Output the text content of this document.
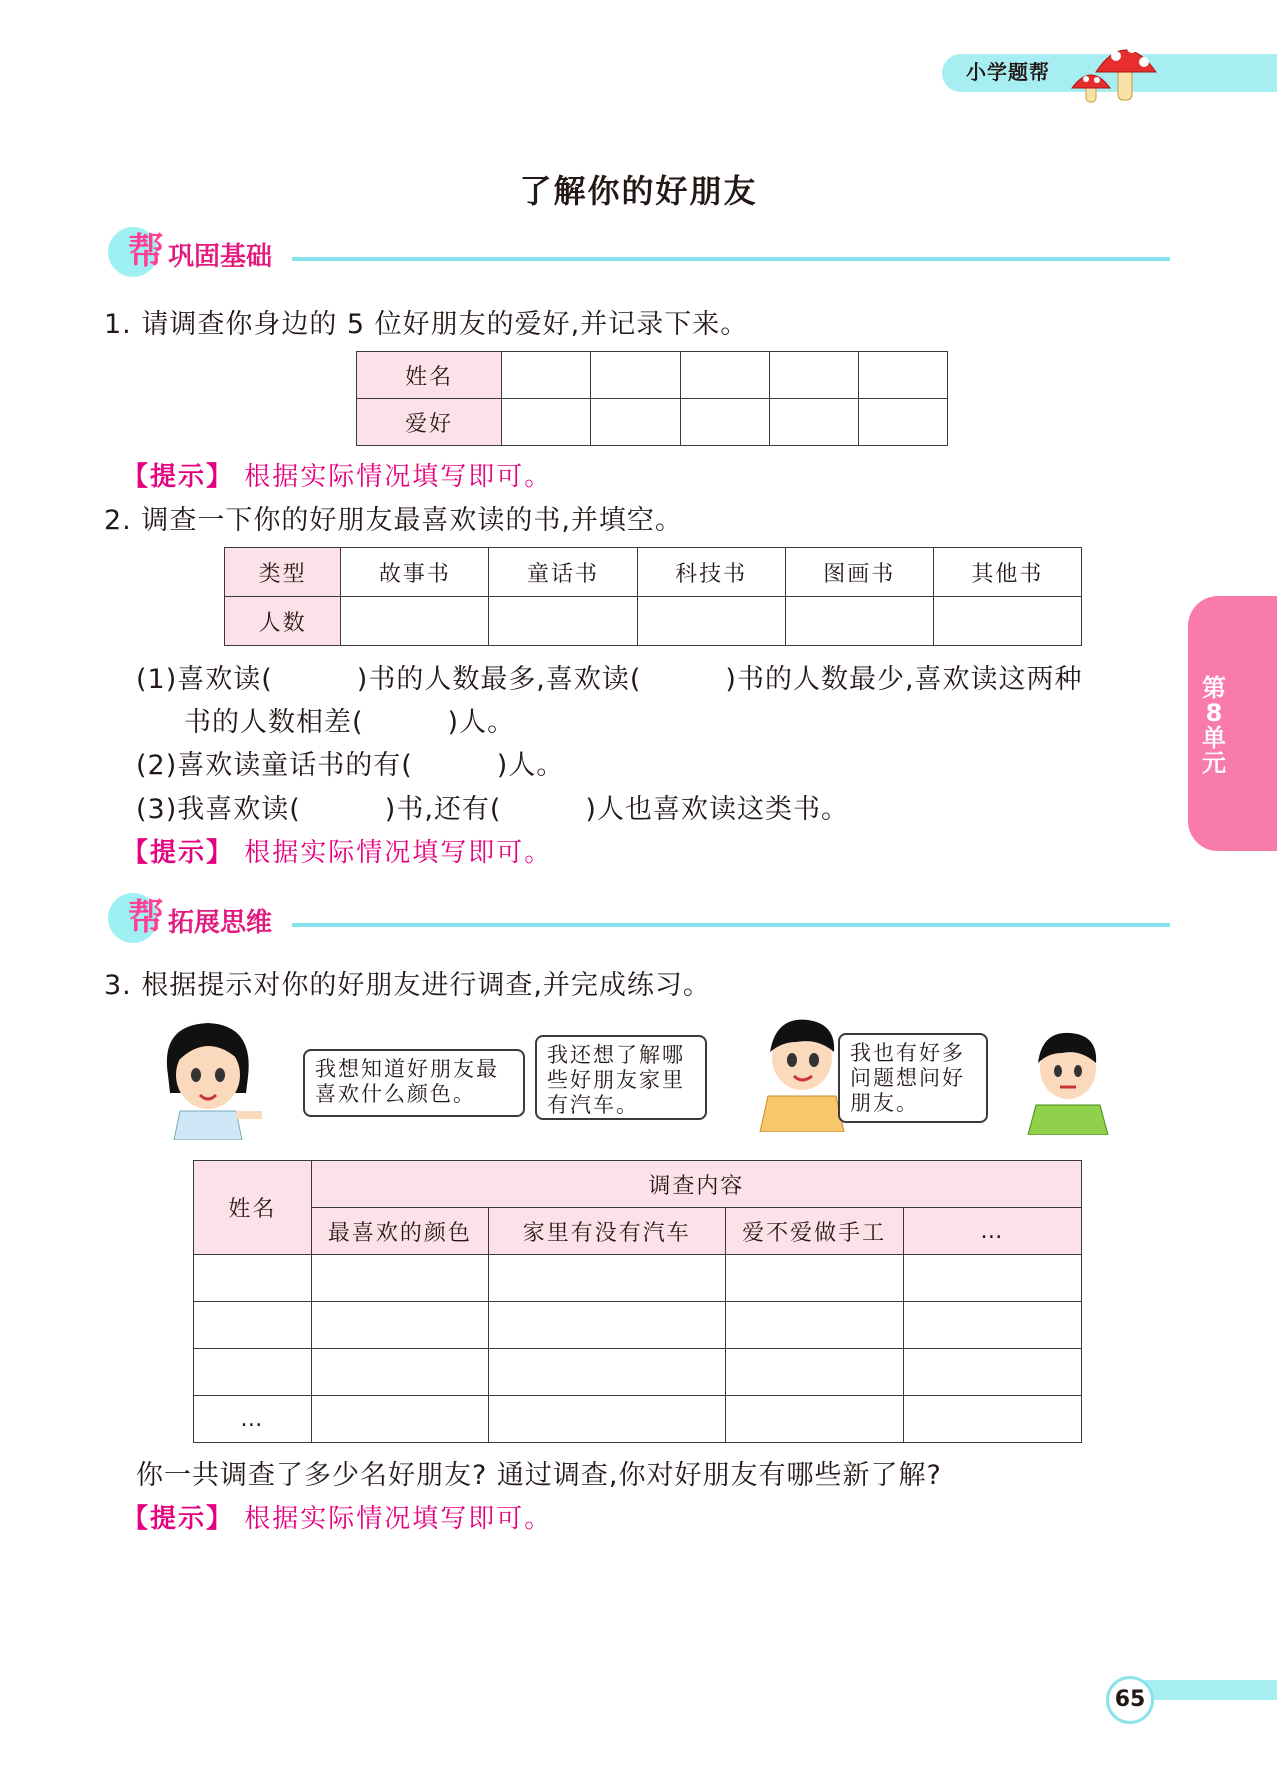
小学题帮
了解你的好朋友
帮 巩固基础
1. 请调查你身边的 5 位好朋友的爱好,并记录下来。
姓名					
爱好					
【提示】 根据实际情况填写即可。
2. 调查一下你的好朋友最喜欢读的书,并填空。
类型	故事书	童话书	科技书	图画书	其他书
人数					
(1)喜欢读(　　　)书的人数最多,喜欢读(　　　)书的人数最少,喜欢读这两种
书的人数相差(　　　)人。
(2)喜欢读童话书的有(　　　)人。
(3)我喜欢读(　　　)书,还有(　　　)人也喜欢读这类书。
【提示】 根据实际情况填写即可。
帮 拓展思维
3. 根据提示对你的好朋友进行调查,并完成练习。
我想知道好朋友最喜欢什么颜色。
我还想了解哪些好朋友家里有汽车。
我也有好多问题想问好朋友。
姓名	调查内容			
	最喜欢的颜色	家里有没有汽车	爱不爱做手工	…

…				
你一共调查了多少名好朋友? 通过调查,你对好朋友有哪些新了解?
【提示】 根据实际情况填写即可。
第
8
单
元
65
